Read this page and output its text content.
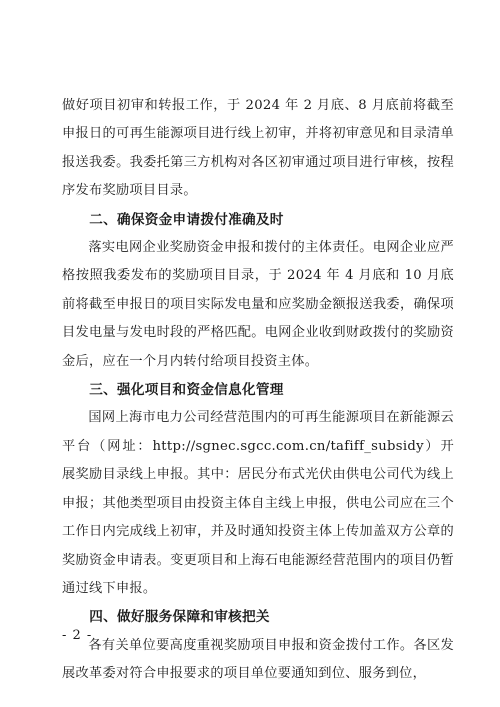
做好项目初审和转报工作，于 2024 年 2 月底、8 月底前将截至申报日的可再生能源项目进行线上初审，并将初审意见和目录清单报送我委。我委托第三方机构对各区初审通过项目进行审核，按程序发布奖励项目目录。

二、确保资金申请拨付准确及时

落实电网企业奖励资金申报和拨付的主体责任。电网企业应严格按照我委发布的奖励项目目录，于 2024 年 4 月底和 10 月底前将截至申报日的项目实际发电量和应奖励金额报送我委，确保项目发电量与发电时段的严格匹配。电网企业收到财政拨付的奖励资金后，应在一个月内转付给项目投资主体。

三、强化项目和资金信息化管理

国网上海市电力公司经营范围内的可再生能源项目在新能源云平台（网址：http://sgnec.sgcc.com.cn/tafiff_subsidy）开展奖励目录线上申报。其中：居民分布式光伏由供电公司代为线上申报；其他类型项目由投资主体自主线上申报，供电公司应在三个工作日内完成线上初审，并及时通知投资主体上传加盖双方公章的奖励资金申请表。变更项目和上海石电能源经营范围内的项目仍暂通过线下申报。

四、做好服务保障和审核把关

各有关单位要高度重视奖励项目申报和资金拨付工作。各区发展改革委对符合申报要求的项目单位要通知到位、服务到位，

- 2 -
